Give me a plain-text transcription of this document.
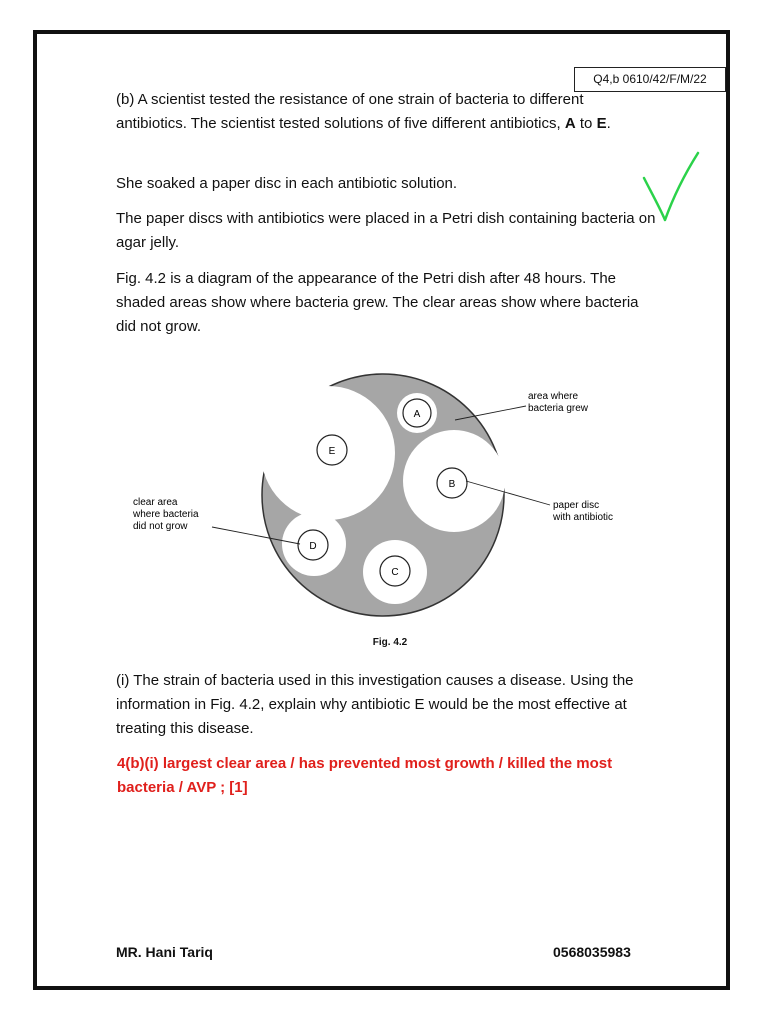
Q4,b 0610/42/F/M/22

(b) A scientist tested the resistance of one strain of bacteria to different antibiotics. The scientist tested solutions of five different antibiotics, A to E.

She soaked a paper disc in each antibiotic solution.

The paper discs with antibiotics were placed in a Petri dish containing bacteria on agar jelly.

Fig. 4.2 is a diagram of the appearance of the Petri dish after 48 hours. The shaded areas show where bacteria grew. The clear areas show where bacteria did not grow.

A
E
B
D
C
area where
bacteria grew
paper disc
with antibiotic
clear area
where bacteria
did not grow
Fig. 4.2

(i) The strain of bacteria used in this investigation causes a disease. Using the information in Fig. 4.2, explain why antibiotic E would be the most effective at treating this disease.

4(b)(i) largest clear area / has prevented most growth / killed the most bacteria / AVP ; [1]

MR. Hani Tariq	0568035983
